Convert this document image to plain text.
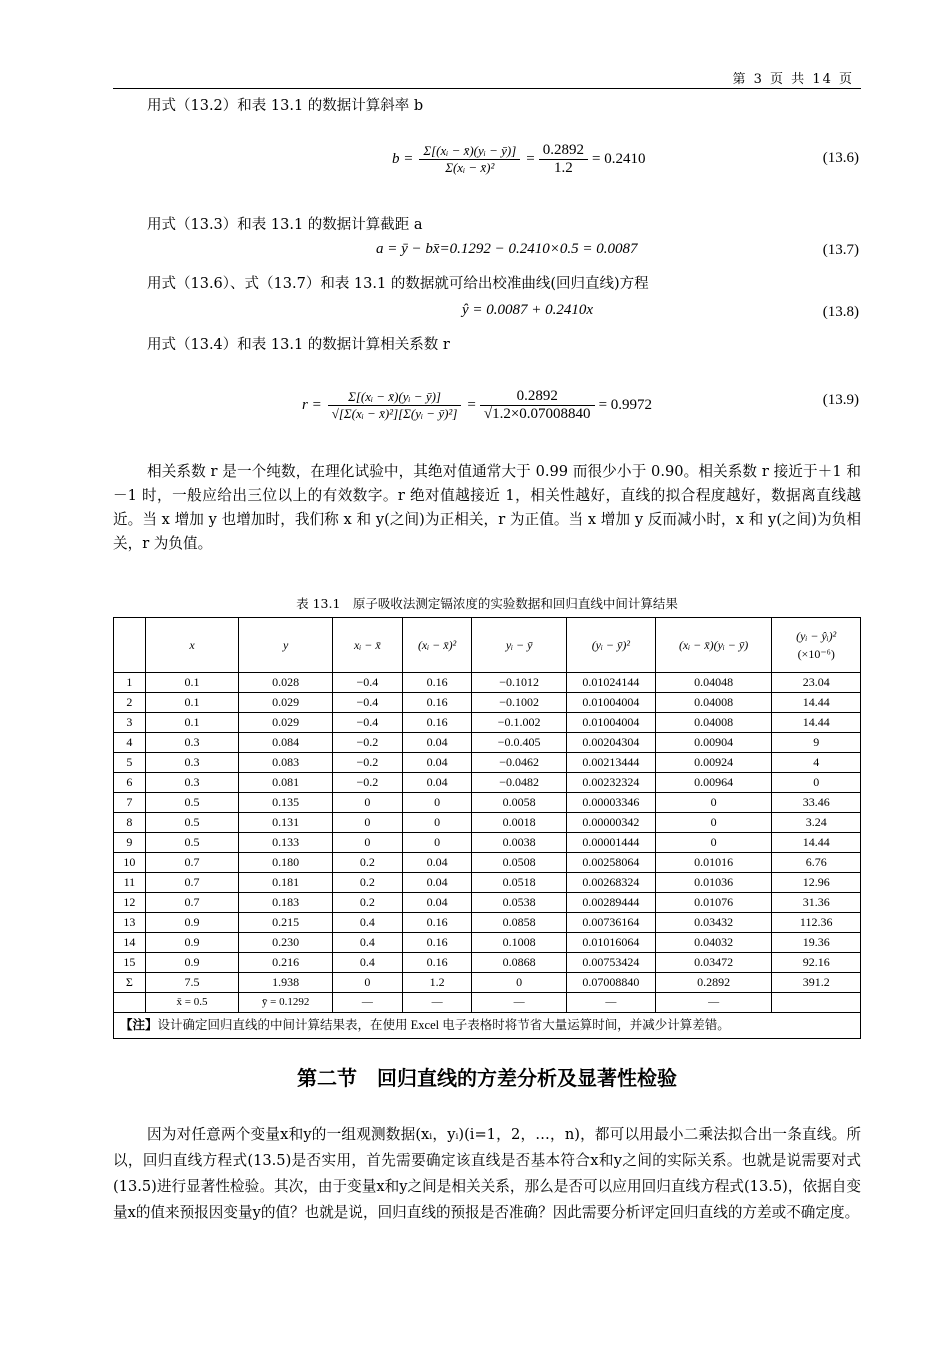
第 3 页 共 14 页
用式（13.2）和表 13.1 的数据计算斜率 b
$b = \frac{\text{Σ[(xᵢ − x̄)(yᵢ − ȳ)]}}{\text{Σ(xᵢ − x̄)²}} = \frac{0.2892}{1.2} = 0.2410$	(13.6)
用式（13.3）和表 13.1 的数据计算截距 a
a = ȳ − bx̄=0.1292 − 0.2410×0.5 = 0.0087	(13.7)
用式（13.6）、式（13.7）和表 13.1 的数据就可给出校准曲线(回归直线)方程
ŷ = 0.0087 + 0.2410x	(13.8)
用式（13.4）和表 13.1 的数据计算相关系数 r
$r = \frac{\text{Σ[(xᵢ − x̄)(yᵢ − ȳ)]}}{\text{√[Σ(xᵢ − x̄)²][Σ(yᵢ − ȳ)²]}} = \frac{0.2892}{√1.2\times 0.07008840} = 0.9972$	(13.9)

相关系数 r 是一个纯数，在理化试验中，其绝对值通常大于 0.99 而很少小于 0.90。相关系数 r 接近于＋1 和－1 时，一般应给出三位以上的有效数字。r 绝对值越接近 1，相关性越好，直线的拟合程度越好，数据离直线越近。当 x 增加 y 也增加时，我们称 x 和 y(之间)为正相关，r 为正值。当 x 增加 y 反而减小时，x 和 y(之间)为负相关，r 为负值。

表 13.1　原子吸收法测定镉浓度的实验数据和回归直线中间计算结果
	x	y	xᵢ − x̄	(xᵢ − x̄)²	yᵢ − ȳ	(yᵢ − ȳ)²	(xᵢ − x̄)(yᵢ − ȳ)	(yᵢ − ŷᵢ)²
(×10⁻⁶)
1	0.1	0.028	−0.4	0.16	−0.1012	0.01024144	0.04048	23.04
2	0.1	0.029	−0.4	0.16	−0.1002	0.01004004	0.04008	14.44
3	0.1	0.029	−0.4	0.16	−0.1.002	0.01004004	0.04008	14.44
4	0.3	0.084	−0.2	0.04	−0.0.405	0.00204304	0.00904	9
5	0.3	0.083	−0.2	0.04	−0.0462	0.00213444	0.00924	4
6	0.3	0.081	−0.2	0.04	−0.0482	0.00232324	0.00964	0
7	0.5	0.135	0	0	0.0058	0.00003346	0	33.46
8	0.5	0.131	0	0	0.0018	0.00000342	0	3.24
9	0.5	0.133	0	0	0.0038	0.00001444	0	14.44
10	0.7	0.180	0.2	0.04	0.0508	0.00258064	0.01016	6.76
11	0.7	0.181	0.2	0.04	0.0518	0.00268324	0.01036	12.96
12	0.7	0.183	0.2	0.04	0.0538	0.00289444	0.01076	31.36
13	0.9	0.215	0.4	0.16	0.0858	0.00736164	0.03432	112.36
14	0.9	0.230	0.4	0.16	0.1008	0.01016064	0.04032	19.36
15	0.9	0.216	0.4	0.16	0.0868	0.00753424	0.03472	92.16
Σ	7.5	1.938	0	1.2	0	0.07008840	0.2892	391.2
	x̄ = 0.5	ȳ = 0.1292	—	—	—	—	—	
【注】设计确定回归直线的中间计算结果表，在使用 Excel 电子表格时将节省大量运算时间，并减少计算差错。								
第二节　回归直线的方差分析及显著性检验

因为对任意两个变量x和y的一组观测数据(xᵢ，yᵢ)(i=1，2，…，n)，都可以用最小二乘法拟合出一条直线。所以，回归直线方程式(13.5)是否实用，首先需要确定该直线是否基本符合x和y之间的实际关系。也就是说需要对式(13.5)进行显著性检验。其次，由于变量x和y之间是相关关系，那么是否可以应用回归直线方程式(13.5)，依据自变量x的值来预报因变量y的值？也就是说，回归直线的预报是否准确？因此需要分析评定回归直线的方差或不确定度。
